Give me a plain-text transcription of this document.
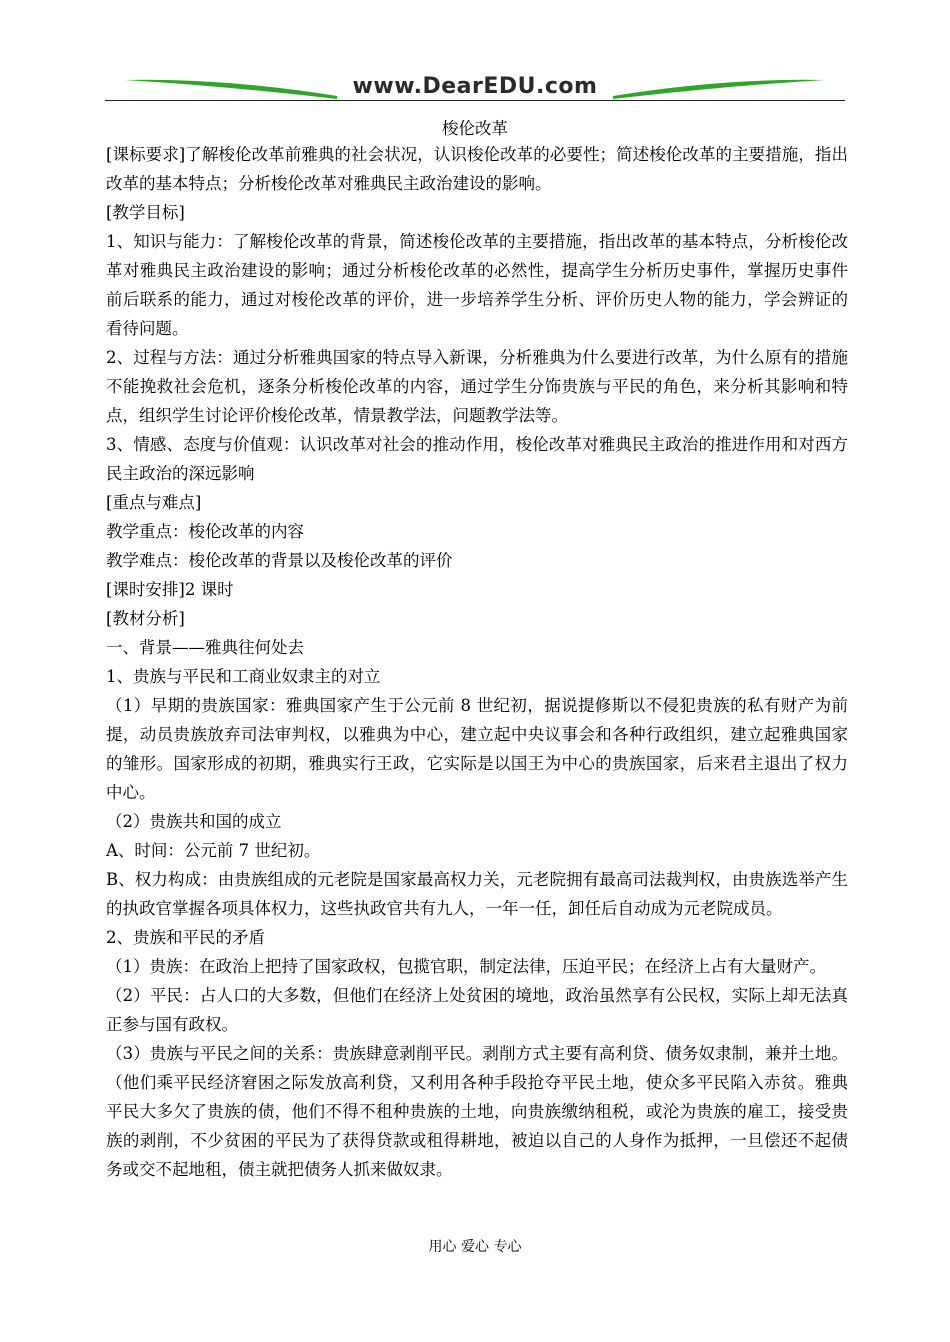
www.DearEDU.com
梭伦改革

[课标要求]了解梭伦改革前雅典的社会状况，认识梭伦改革的必要性；简述梭伦改革的主要措施，指出改革的基本特点；分析梭伦改革对雅典民主政治建设的影响。

[教学目标]

1、知识与能力：了解梭伦改革的背景，简述梭伦改革的主要措施，指出改革的基本特点，分析梭伦改革对雅典民主政治建设的影响；通过分析梭伦改革的必然性，提高学生分析历史事件，掌握历史事件前后联系的能力，通过对梭伦改革的评价，进一步培养学生分析、评价历史人物的能力，学会辨证的看待问题。

2、过程与方法：通过分析雅典国家的特点导入新课，分析雅典为什么要进行改革，为什么原有的措施不能挽救社会危机，逐条分析梭伦改革的内容，通过学生分饰贵族与平民的角色，来分析其影响和特点，组织学生讨论评价梭伦改革，情景教学法，问题教学法等。

3、情感、态度与价值观：认识改革对社会的推动作用，梭伦改革对雅典民主政治的推进作用和对西方民主政治的深远影响

[重点与难点]

教学重点：梭伦改革的内容

教学难点：梭伦改革的背景以及梭伦改革的评价

[课时安排]2 课时

[教材分析]

一、背景——雅典往何处去

1、贵族与平民和工商业奴隶主的对立

（1）早期的贵族国家：雅典国家产生于公元前 8 世纪初，据说提修斯以不侵犯贵族的私有财产为前提，动员贵族放弃司法审判权，以雅典为中心，建立起中央议事会和各种行政组织，建立起雅典国家的雏形。国家形成的初期，雅典实行王政，它实际是以国王为中心的贵族国家，后来君主退出了权力中心。

（2）贵族共和国的成立

A、时间：公元前 7 世纪初。

B、权力构成：由贵族组成的元老院是国家最高权力关，元老院拥有最高司法裁判权，由贵族选举产生的执政官掌握各项具体权力，这些执政官共有九人，一年一任，卸任后自动成为元老院成员。

2、贵族和平民的矛盾

（1）贵族：在政治上把持了国家政权，包揽官职，制定法律，压迫平民；在经济上占有大量财产。

（2）平民：占人口的大多数，但他们在经济上处贫困的境地，政治虽然享有公民权，实际上却无法真正参与国有政权。

（3）贵族与平民之间的关系：贵族肆意剥削平民。剥削方式主要有高利贷、债务奴隶制，兼并土地。（他们乘平民经济窘困之际发放高利贷，又利用各种手段抢夺平民土地，使众多平民陷入赤贫。雅典平民大多欠了贵族的债，他们不得不租种贵族的土地，向贵族缴纳租税，或沦为贵族的雇工，接受贵族的剥削，不少贫困的平民为了获得贷款或租得耕地，被迫以自己的人身作为抵押，一旦偿还不起债务或交不起地租，债主就把债务人抓来做奴隶。

用心 爱心 专心
